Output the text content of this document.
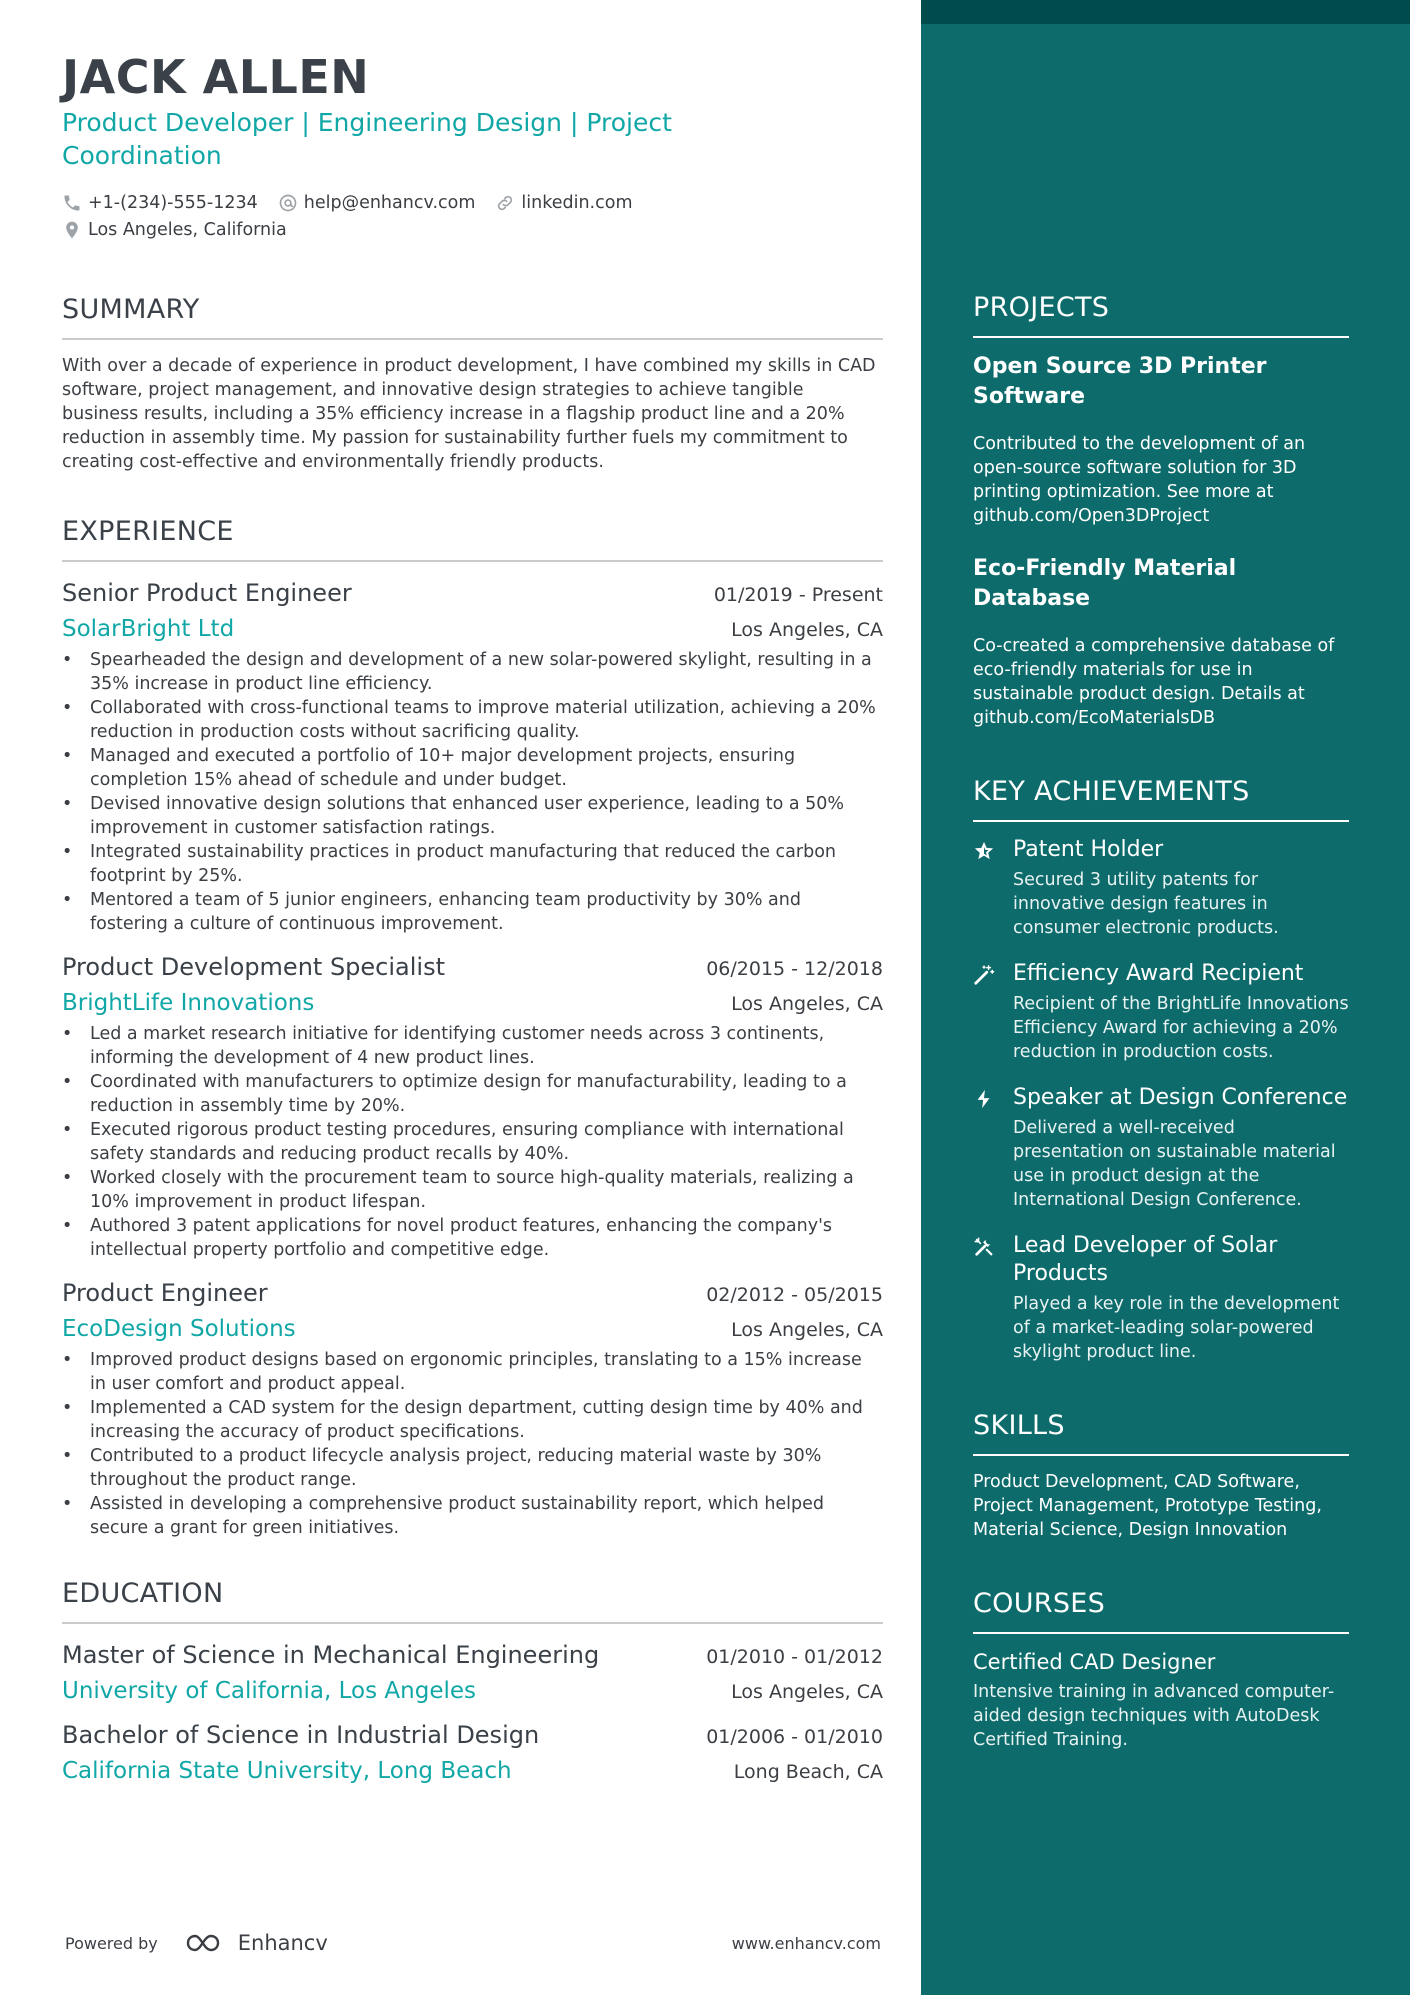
JACK ALLEN
Product Developer | Engineering Design | Project Coordination
+1-(234)-555-1234	help@enhancv.com	linkedin.com
Los Angeles, California
SUMMARY
With over a decade of experience in product development, I have combined my skills in CAD software, project management, and innovative design strategies to achieve tangible business results, including a 35% efficiency increase in a flagship product line and a 20% reduction in assembly time. My passion for sustainability further fuels my commitment to creating cost-effective and environmentally friendly products.
EXPERIENCE
Senior Product Engineer	01/2019 - Present
SolarBright Ltd	Los Angeles, CA
• Spearheaded the design and development of a new solar-powered skylight, resulting in a 35% increase in product line efficiency.
• Collaborated with cross-functional teams to improve material utilization, achieving a 20% reduction in production costs without sacrificing quality.
• Managed and executed a portfolio of 10+ major development projects, ensuring completion 15% ahead of schedule and under budget.
• Devised innovative design solutions that enhanced user experience, leading to a 50% improvement in customer satisfaction ratings.
• Integrated sustainability practices in product manufacturing that reduced the carbon footprint by 25%.
• Mentored a team of 5 junior engineers, enhancing team productivity by 30% and fostering a culture of continuous improvement.
Product Development Specialist	06/2015 - 12/2018
BrightLife Innovations	Los Angeles, CA
• Led a market research initiative for identifying customer needs across 3 continents, informing the development of 4 new product lines.
• Coordinated with manufacturers to optimize design for manufacturability, leading to a reduction in assembly time by 20%.
• Executed rigorous product testing procedures, ensuring compliance with international safety standards and reducing product recalls by 40%.
• Worked closely with the procurement team to source high-quality materials, realizing a 10% improvement in product lifespan.
• Authored 3 patent applications for novel product features, enhancing the company's intellectual property portfolio and competitive edge.
Product Engineer	02/2012 - 05/2015
EcoDesign Solutions	Los Angeles, CA
• Improved product designs based on ergonomic principles, translating to a 15% increase in user comfort and product appeal.
• Implemented a CAD system for the design department, cutting design time by 40% and increasing the accuracy of product specifications.
• Contributed to a product lifecycle analysis project, reducing material waste by 30% throughout the product range.
• Assisted in developing a comprehensive product sustainability report, which helped secure a grant for green initiatives.
EDUCATION
Master of Science in Mechanical Engineering	01/2010 - 01/2012
University of California, Los Angeles	Los Angeles, CA
Bachelor of Science in Industrial Design	01/2006 - 01/2010
California State University, Long Beach	Long Beach, CA
Powered by	Enhancv	www.enhancv.com
PROJECTS
Open Source 3D Printer Software
Contributed to the development of an open-source software solution for 3D printing optimization. See more at github.com/Open3DProject
Eco-Friendly Material Database
Co-created a comprehensive database of eco-friendly materials for use in sustainable product design. Details at github.com/EcoMaterialsDB
KEY ACHIEVEMENTS
Patent Holder
Secured 3 utility patents for innovative design features in consumer electronic products.
Efficiency Award Recipient
Recipient of the BrightLife Innovations Efficiency Award for achieving a 20% reduction in production costs.
Speaker at Design Conference
Delivered a well-received presentation on sustainable material use in product design at the International Design Conference.
Lead Developer of Solar Products
Played a key role in the development of a market-leading solar-powered skylight product line.
SKILLS
Product Development, CAD Software, Project Management, Prototype Testing, Material Science, Design Innovation
COURSES
Certified CAD Designer
Intensive training in advanced computer-aided design techniques with AutoDesk Certified Training.
